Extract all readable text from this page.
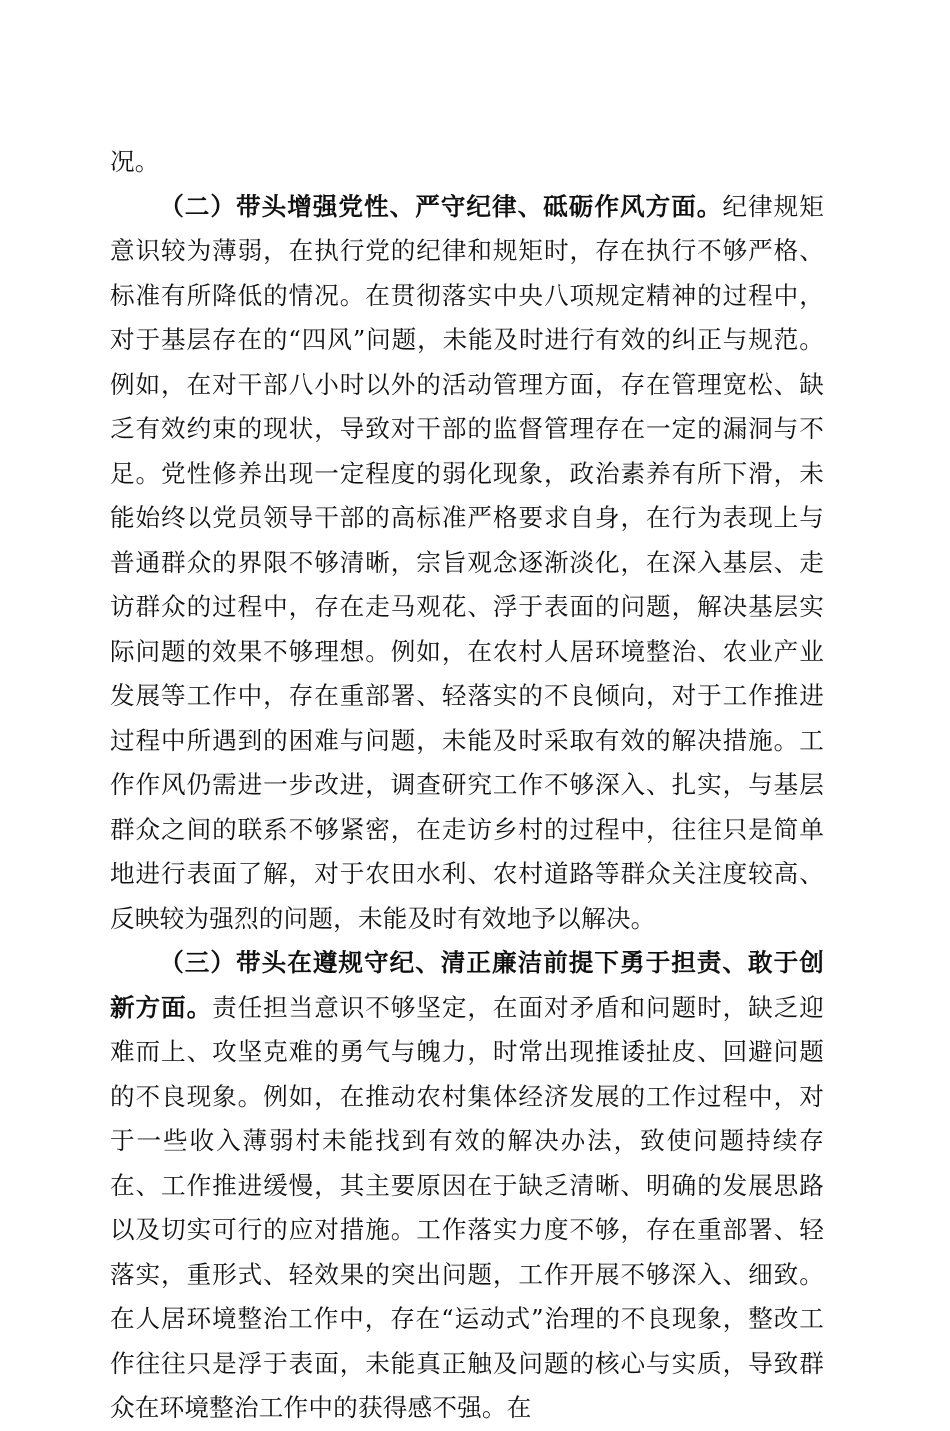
况。

（二）带头增强党性、严守纪律、砥砺作风方面。纪律规矩意识较为薄弱，在执行党的纪律和规矩时，存在执行不够严格、标准有所降低的情况。在贯彻落实中央八项规定精神的过程中，对于基层存在的“四风”问题，未能及时进行有效的纠正与规范。例如，在对干部八小时以外的活动管理方面，存在管理宽松、缺乏有效约束的现状，导致对干部的监督管理存在一定的漏洞与不足。党性修养出现一定程度的弱化现象，政治素养有所下滑，未能始终以党员领导干部的高标准严格要求自身，在行为表现上与普通群众的界限不够清晰，宗旨观念逐渐淡化，在深入基层、走访群众的过程中，存在走马观花、浮于表面的问题，解决基层实际问题的效果不够理想。例如，在农村人居环境整治、农业产业发展等工作中，存在重部署、轻落实的不良倾向，对于工作推进过程中所遇到的困难与问题，未能及时采取有效的解决措施。工作作风仍需进一步改进，调查研究工作不够深入、扎实，与基层群众之间的联系不够紧密，在走访乡村的过程中，往往只是简单地进行表面了解，对于农田水利、农村道路等群众关注度较高、反映较为强烈的问题，未能及时有效地予以解决。

（三）带头在遵规守纪、清正廉洁前提下勇于担责、敢于创新方面。责任担当意识不够坚定，在面对矛盾和问题时，缺乏迎难而上、攻坚克难的勇气与魄力，时常出现推诿扯皮、回避问题的不良现象。例如，在推动农村集体经济发展的工作过程中，对于一些收入薄弱村未能找到有效的解决办法，致使问题持续存在、工作推进缓慢，其主要原因在于缺乏清晰、明确的发展思路以及切实可行的应对措施。工作落实力度不够，存在重部署、轻落实，重形式、轻效果的突出问题，工作开展不够深入、细致。在人居环境整治工作中，存在“运动式”治理的不良现象，整改工作往往只是浮于表面，未能真正触及问题的核心与实质，导致群众在环境整治工作中的获得感不强。在
